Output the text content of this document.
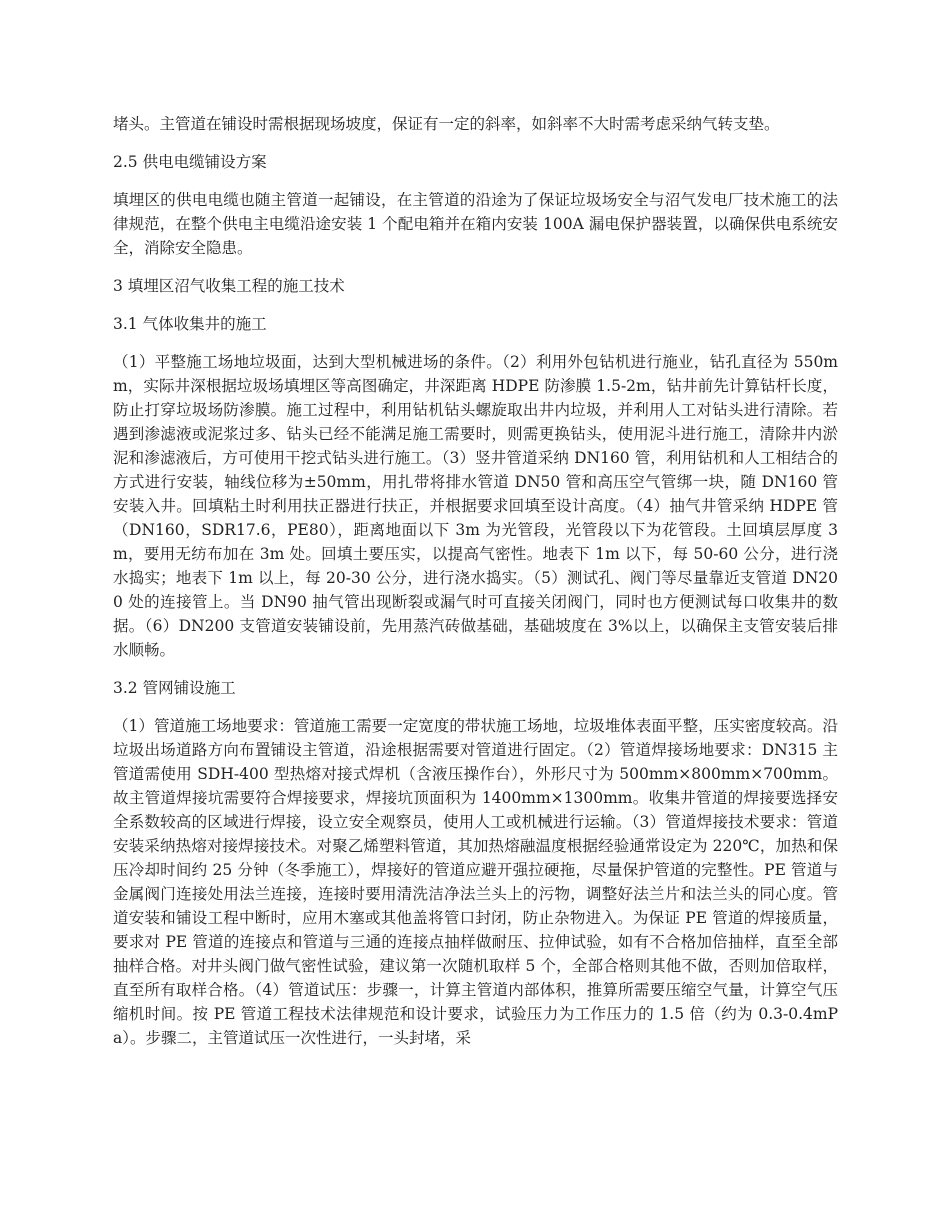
堵头。主管道在铺设时需根据现场坡度，保证有一定的斜率，如斜率不大时需考虑采纳气转支垫。

2.5 供电电缆铺设方案

填埋区的供电电缆也随主管道一起铺设，在主管道的沿途为了保证垃圾场安全与沼气发电厂技术施工的法律规范，在整个供电主电缆沿途安装 1 个配电箱并在箱内安装 100A 漏电保护器装置，以确保供电系统安全，消除安全隐患。

3 填埋区沼气收集工程的施工技术

3.1 气体收集井的施工

（1）平整施工场地垃圾面，达到大型机械进场的条件。（2）利用外包钻机进行施业，钻孔直径为 550mm，实际井深根据垃圾场填埋区等高图确定，井深距离 HDPE 防渗膜 1.5-2m，钻井前先计算钻杆长度，防止打穿垃圾场防渗膜。施工过程中，利用钻机钻头螺旋取出井内垃圾，并利用人工对钻头进行清除。若遇到渗滤液或泥浆过多、钻头已经不能满足施工需要时，则需更换钻头，使用泥斗进行施工，清除井内淤泥和渗滤液后，方可使用干挖式钻头进行施工。（3）竖井管道采纳 DN160 管，利用钻机和人工相结合的方式进行安装，轴线位移为±50mm，用扎带将排水管道 DN50 管和高压空气管绑一块，随 DN160 管安装入井。回填粘土时利用扶正器进行扶正，并根据要求回填至设计高度。（4）抽气井管采纳 HDPE 管（DN160，SDR17.6，PE80），距离地面以下 3m 为光管段，光管段以下为花管段。土回填层厚度 3m，要用无纺布加在 3m 处。回填土要压实，以提高气密性。地表下 1m 以下，每 50-60 公分，进行浇水捣实；地表下 1m 以上，每 20-30 公分，进行浇水捣实。（5）测试孔、阀门等尽量靠近支管道 DN200 处的连接管上。当 DN90 抽气管出现断裂或漏气时可直接关闭阀门，同时也方便测试每口收集井的数据。（6）DN200 支管道安装铺设前，先用蒸汽砖做基础，基础坡度在 3%以上，以确保主支管安装后排水顺畅。

3.2 管网铺设施工

（1）管道施工场地要求：管道施工需要一定宽度的带状施工场地，垃圾堆体表面平整，压实密度较高。沿垃圾出场道路方向布置铺设主管道，沿途根据需要对管道进行固定。（2）管道焊接场地要求：DN315 主管道需使用 SDH-400 型热熔对接式焊机（含液压操作台），外形尺寸为 500mm×800mm×700mm。故主管道焊接坑需要符合焊接要求，焊接坑顶面积为 1400mm×1300mm。收集井管道的焊接要选择安全系数较高的区域进行焊接，设立安全观察员，使用人工或机械进行运输。（3）管道焊接技术要求：管道安装采纳热熔对接焊接技术。对聚乙烯塑料管道，其加热熔融温度根据经验通常设定为 220℃，加热和保压冷却时间约 25 分钟（冬季施工），焊接好的管道应避开强拉硬拖，尽量保护管道的完整性。PE 管道与金属阀门连接处用法兰连接，连接时要用清洗洁净法兰头上的污物，调整好法兰片和法兰头的同心度。管道安装和铺设工程中断时，应用木塞或其他盖将管口封闭，防止杂物进入。为保证 PE 管道的焊接质量，要求对 PE 管道的连接点和管道与三通的连接点抽样做耐压、拉伸试验，如有不合格加倍抽样，直至全部抽样合格。对井头阀门做气密性试验，建议第一次随机取样 5 个，全部合格则其他不做，否则加倍取样，直至所有取样合格。（4）管道试压：步骤一，计算主管道内部体积，推算所需要压缩空气量，计算空气压缩机时间。按 PE 管道工程技术法律规范和设计要求，试验压力为工作压力的 1.5 倍（约为 0.3-0.4mPa）。步骤二，主管道试压一次性进行，一头封堵，采
